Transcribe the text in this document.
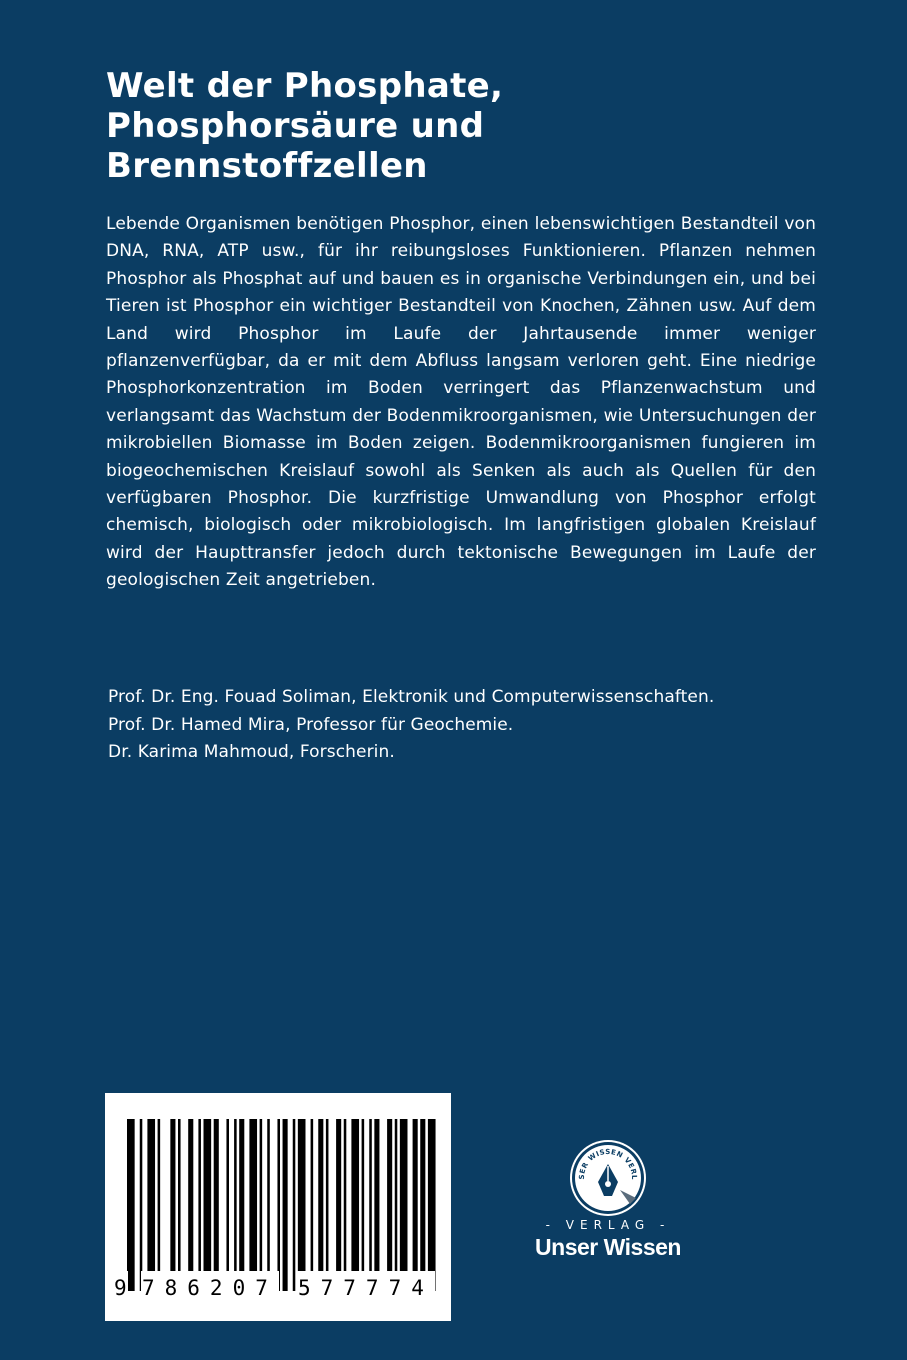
Welt der Phosphate,
Phosphorsäure und
Brennstoffzellen

Lebende Organismen benötigen Phosphor, einen lebenswichtigen Bestandteil von DNA, RNA, ATP usw., für ihr reibungsloses Funktionieren. Pflanzen nehmen Phosphor als Phosphat auf und bauen es in organische Verbindungen ein, und bei Tieren ist Phosphor ein wichtiger Bestandteil von Knochen, Zähnen usw. Auf dem Land wird Phosphor im Laufe der Jahrtausende immer weniger pflanzenverfügbar, da er mit dem Abfluss langsam verloren geht. Eine niedrige Phosphorkonzentration im Boden verringert das Pflanzenwachstum und verlangsamt das Wachstum der Bodenmikroorganismen, wie Untersuchungen der mikrobiellen Biomasse im Boden zeigen. Bodenmikroorganismen fungieren im biogeochemischen Kreislauf sowohl als Senken als auch als Quellen für den verfügbaren Phosphor. Die kurzfristige Umwandlung von Phosphor erfolgt chemisch, biologisch oder mikrobiologisch. Im langfristigen globalen Kreislauf wird der Haupttransfer jedoch durch tektonische Bewegungen im Laufe der geologischen Zeit angetrieben.

Prof. Dr. Eng. Fouad Soliman, Elektronik und Computerwissenschaften.
Prof. Dr. Hamed Mira, Professor für Geochemie.
Dr. Karima Mahmoud, Forscherin.
9 786207 577774
SER WISSEN VERL
- VERLAG -
Unser Wissen
